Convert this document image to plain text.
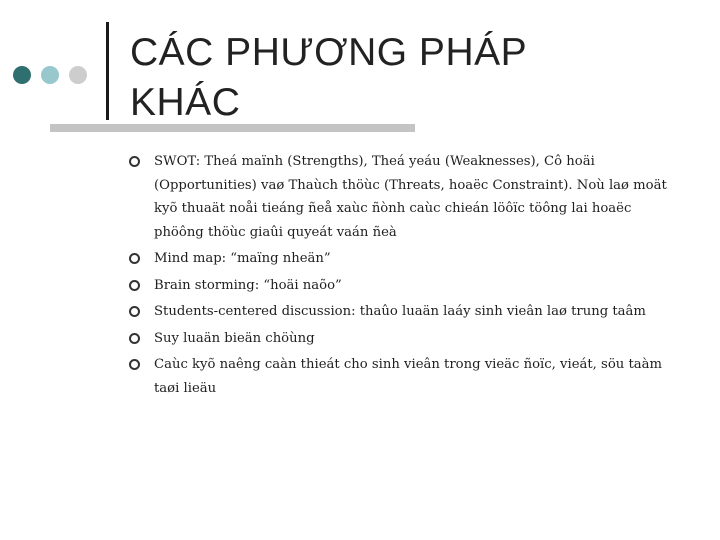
CÁC PHƯƠNG PHÁP
KHÁC
SWOT: Theá maïnh (Strengths), Theá yeáu (Weaknesses), Cô hoäi (Opportunities) vaø Thaùch thöùc (Threats, hoaëc Constraint). Noù laø moät kyõ thuaät noåi tieáng ñeå xaùc ñònh caùc chieán löôïc töông lai hoaëc phöông thöùc giaûi quyeát vaán ñeà
Mind map: “maïng nheän”
Brain storming: “hoäi naõo”
Students-centered discussion: thaûo luaän laáy sinh vieân laø trung taâm
Suy luaän bieän chöùng
Caùc kyõ naêng caàn thieát cho sinh vieân trong vieäc ñoïc, vieát, söu taàm taøi lieäu
